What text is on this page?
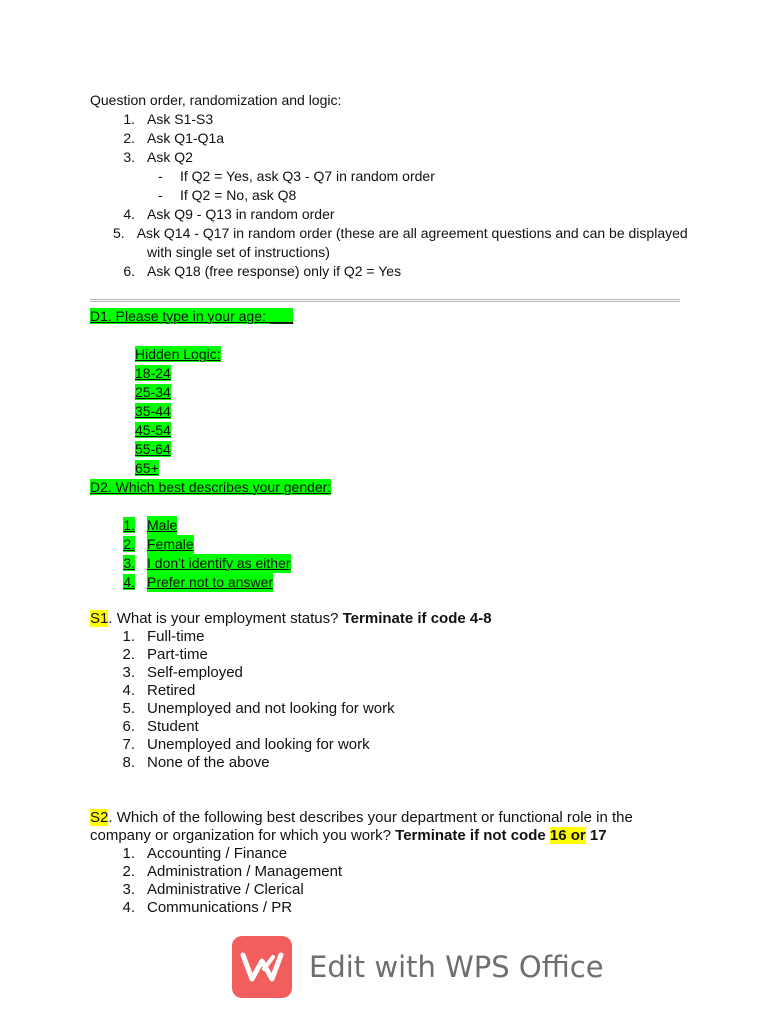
Question order, randomization and logic:
1. Ask S1-S3
2. Ask Q1-Q1a
3. Ask Q2
-	If Q2 = Yes, ask Q3 - Q7 in random order
-	If Q2 = No, ask Q8
4. Ask Q9 - Q13 in random order
5. Ask Q14 - Q17 in random order (these are all agreement questions and can be displayed
with single set of instructions)
6. Ask Q18 (free response) only if Q2 = Yes
D1. Please type in your age: ___
Hidden Logic:
18-24
25-34
35-44
45-54
55-64
65+
D2. Which best describes your gender:
1. Male
2. Female
3. I don't identify as either
4. Prefer not to answer
S1. What is your employment status? Terminate if code 4-8
1. Full-time
2. Part-time
3. Self-employed
4. Retired
5. Unemployed and not looking for work
6. Student
7. Unemployed and looking for work
8. None of the above
S2. Which of the following best describes your department or functional role in the
company or organization for which you work? Terminate if not code 16 or 17
1. Accounting / Finance
2. Administration / Management
3. Administrative / Clerical
4. Communications / PR
Edit with WPS Office
